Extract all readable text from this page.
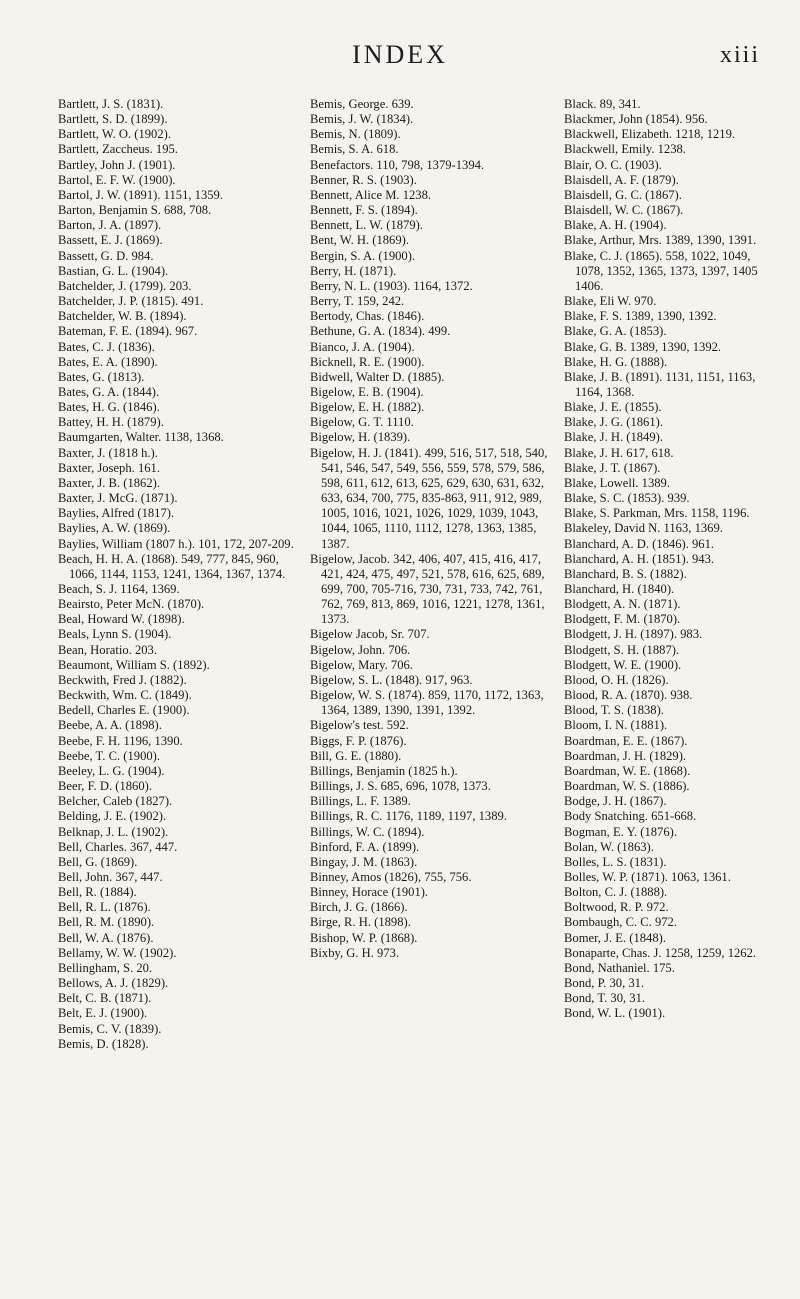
INDEX	xiii
Bartlett, J. S. (1831).
Bartlett, S. D. (1899).
Bartlett, W. O. (1902).
Bartlett, Zaccheus. 195.
Bartley, John J. (1901).
Bartol, E. F. W. (1900).
Bartol, J. W. (1891). 1151, 1359.
Barton, Benjamin S. 688, 708.
Barton, J. A. (1897).
Bassett, E. J. (1869).
Bassett, G. D. 984.
Bastian, G. L. (1904).
Batchelder, J. (1799). 203.
Batchelder, J. P. (1815). 491.
Batchelder, W. B. (1894).
Bateman, F. E. (1894). 967.
Bates, C. J. (1836).
Bates, E. A. (1890).
Bates, G. (1813).
Bates, G. A. (1844).
Bates, H. G. (1846).
Battey, H. H. (1879).
Baumgarten, Walter. 1138, 1368.
Baxter, J. (1818 h.).
Baxter, Joseph. 161.
Baxter, J. B. (1862).
Baxter, J. McG. (1871).
Baylies, Alfred (1817).
Baylies, A. W. (1869).
Baylies, William (1807 h.). 101, 172, 207-209.
Beach, H. H. A. (1868). 549, 777, 845, 960, 1066, 1144, 1153, 1241, 1364, 1367, 1374.
Beach, S. J. 1164, 1369.
Beairsto, Peter McN. (1870).
Beal, Howard W. (1898).
Beals, Lynn S. (1904).
Bean, Horatio. 203.
Beaumont, William S. (1892).
Beckwith, Fred J. (1882).
Beckwith, Wm. C. (1849).
Bedell, Charles E. (1900).
Beebe, A. A. (1898).
Beebe, F. H. 1196, 1390.
Beebe, T. C. (1900).
Beeley, L. G. (1904).
Beer, F. D. (1860).
Belcher, Caleb (1827).
Belding, J. E. (1902).
Belknap, J. L. (1902).
Bell, Charles. 367, 447.
Bell, G. (1869).
Bell, John. 367, 447.
Bell, R. (1884).
Bell, R. L. (1876).
Bell, R. M. (1890).
Bell, W. A. (1876).
Bellamy, W. W. (1902).
Bellingham, S. 20.
Bellows, A. J. (1829).
Belt, C. B. (1871).
Belt, E. J. (1900).
Bemis, C. V. (1839).
Bemis, D. (1828).
Bemis, George. 639.
Bemis, J. W. (1834).
Bemis, N. (1809).
Bemis, S. A. 618.
Benefactors. 110, 798, 1379-1394.
Benner, R. S. (1903).
Bennett, Alice M. 1238.
Bennett, F. S. (1894).
Bennett, L. W. (1879).
Bent, W. H. (1869).
Bergin, S. A. (1900).
Berry, H. (1871).
Berry, N. L. (1903). 1164, 1372.
Berry, T. 159, 242.
Bertody, Chas. (1846).
Bethune, G. A. (1834). 499.
Bianco, J. A. (1904).
Bicknell, R. E. (1900).
Bidwell, Walter D. (1885).
Bigelow, E. B. (1904).
Bigelow, E. H. (1882).
Bigelow, G. T. 1110.
Bigelow, H. (1839).
Bigelow, H. J. (1841). 499, 516, 517, 518, 540, 541, 546, 547, 549, 556, 559, 578, 579, 586, 598, 611, 612, 613, 625, 629, 630, 631, 632, 633, 634, 700, 775, 835-863, 911, 912, 989, 1005, 1016, 1021, 1026, 1029, 1039, 1043, 1044, 1065, 1110, 1112, 1278, 1363, 1385, 1387.
Bigelow, Jacob. 342, 406, 407, 415, 416, 417, 421, 424, 475, 497, 521, 578, 616, 625, 689, 699, 700, 705-716, 730, 731, 733, 742, 761, 762, 769, 813, 869, 1016, 1221, 1278, 1361, 1373.
Bigelow Jacob, Sr. 707.
Bigelow, John. 706.
Bigelow, Mary. 706.
Bigelow, S. L. (1848). 917, 963.
Bigelow, W. S. (1874). 859, 1170, 1172, 1363, 1364, 1389, 1390, 1391, 1392.
Bigelow's test. 592.
Biggs, F. P. (1876).
Bill, G. E. (1880).
Billings, Benjamin (1825 h.).
Billings, J. S. 685, 696, 1078, 1373.
Billings, L. F. 1389.
Billings, R. C. 1176, 1189, 1197, 1389.
Billings, W. C. (1894).
Binford, F. A. (1899).
Bingay, J. M. (1863).
Binney, Amos (1826), 755, 756.
Binney, Horace (1901).
Birch, J. G. (1866).
Birge, R. H. (1898).
Bishop, W. P. (1868).
Bixby, G. H. 973.
Black. 89, 341.
Blackmer, John (1854). 956.
Blackwell, Elizabeth. 1218, 1219.
Blackwell, Emily. 1238.
Blair, O. C. (1903).
Blaisdell, A. F. (1879).
Blaisdell, G. C. (1867).
Blaisdell, W. C. (1867).
Blake, A. H. (1904).
Blake, Arthur, Mrs. 1389, 1390, 1391.
Blake, C. J. (1865). 558, 1022, 1049, 1078, 1352, 1365, 1373, 1397, 1405 1406.
Blake, Eli W. 970.
Blake, F. S. 1389, 1390, 1392.
Blake, G. A. (1853).
Blake, G. B. 1389, 1390, 1392.
Blake, H. G. (1888).
Blake, J. B. (1891). 1131, 1151, 1163, 1164, 1368.
Blake, J. E. (1855).
Blake, J. G. (1861).
Blake, J. H. (1849).
Blake, J. H. 617, 618.
Blake, J. T. (1867).
Blake, Lowell. 1389.
Blake, S. C. (1853). 939.
Blake, S. Parkman, Mrs. 1158, 1196.
Blakeley, David N. 1163, 1369.
Blanchard, A. D. (1846). 961.
Blanchard, A. H. (1851). 943.
Blanchard, B. S. (1882).
Blanchard, H. (1840).
Blodgett, A. N. (1871).
Blodgett, F. M. (1870).
Blodgett, J. H. (1897). 983.
Blodgett, S. H. (1887).
Blodgett, W. E. (1900).
Blood, O. H. (1826).
Blood, R. A. (1870). 938.
Blood, T. S. (1838).
Bloom, I. N. (1881).
Boardman, E. E. (1867).
Boardman, J. H. (1829).
Boardman, W. E. (1868).
Boardman, W. S. (1886).
Bodge, J. H. (1867).
Body Snatching. 651-668.
Bogman, E. Y. (1876).
Bolan, W. (1863).
Bolles, L. S. (1831).
Bolles, W. P. (1871). 1063, 1361.
Bolton, C. J. (1888).
Boltwood, R. P. 972.
Bombaugh, C. C. 972.
Bomer, J. E. (1848).
Bonaparte, Chas. J. 1258, 1259, 1262.
Bond, Nathaniel. 175.
Bond, P. 30, 31.
Bond, T. 30, 31.
Bond, W. L. (1901).
